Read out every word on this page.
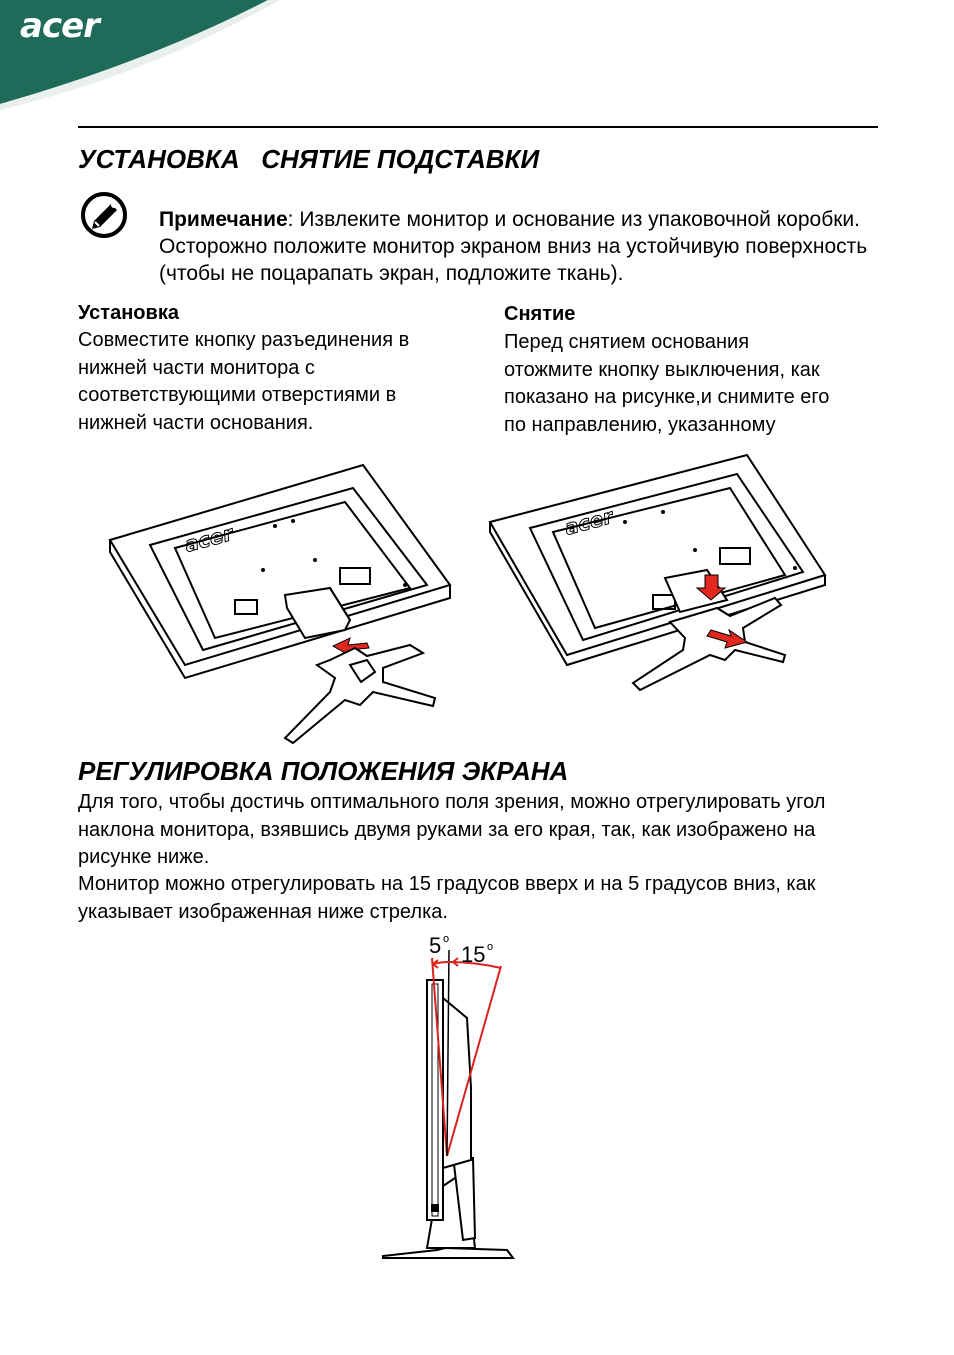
acer
УСТАНОВКА   СНЯТИЕ ПОДСТАВКИ
Примечание: Извлеките монитор и основание из упаковочной коробки. Осторожно положите монитор экраном вниз на устойчивую поверхность (чтобы не поцарапать экран, подложите ткань).
Установка
Совместите кнопку разъединения в нижней части монитора с соответствующими отверстиями в нижней части основания.
Снятие
Перед снятием основания отожмите кнопку выключения, как показано на рисунке,и снимите его по направлению, указанному
acer	acer
РЕГУЛИРОВКА ПОЛОЖЕНИЯ ЭКРАНА
Для того, чтобы достичь оптимального поля зрения, можно отрегулировать угол наклона монитора, взявшись двумя руками за его края, так, как изображено на рисунке ниже.
Монитор можно отрегулировать на 15 градусов вверх и на 5 градусов вниз, как указывает изображенная ниже стрелка.
5 o
15 o
